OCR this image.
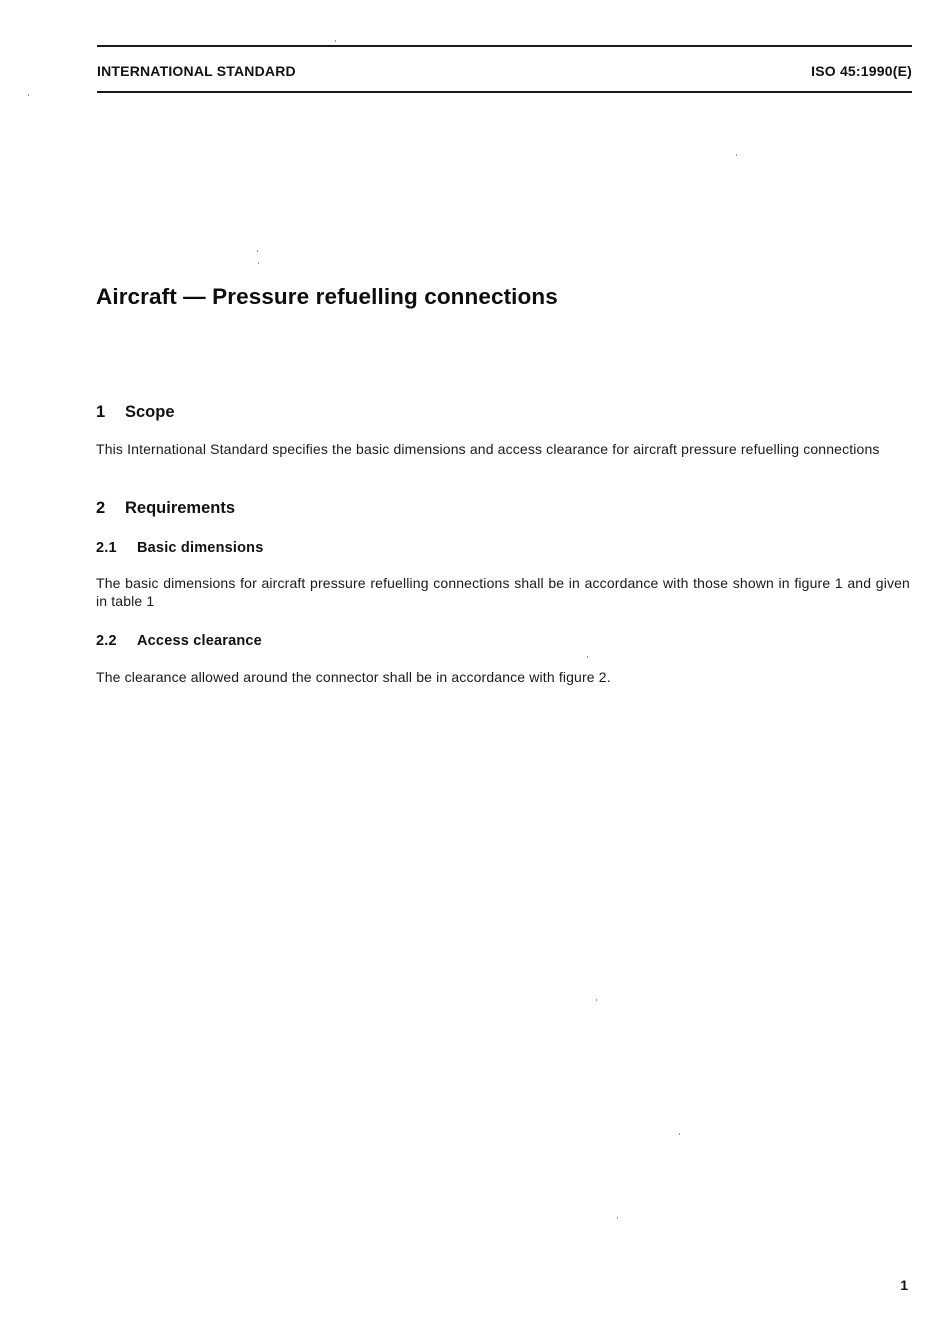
INTERNATIONAL STANDARD	ISO 45:1990(E)
Aircraft — Pressure refuelling connections
1 Scope

This International Standard specifies the basic dimensions and access clearance for aircraft pressure refuelling connections

2 Requirements
2.1 Basic dimensions

The basic dimensions for aircraft pressure refuelling connections shall be in accordance with those shown in figure 1 and given in table 1

2.2 Access clearance

The clearance allowed around the connector shall be in accordance with figure 2.

1
